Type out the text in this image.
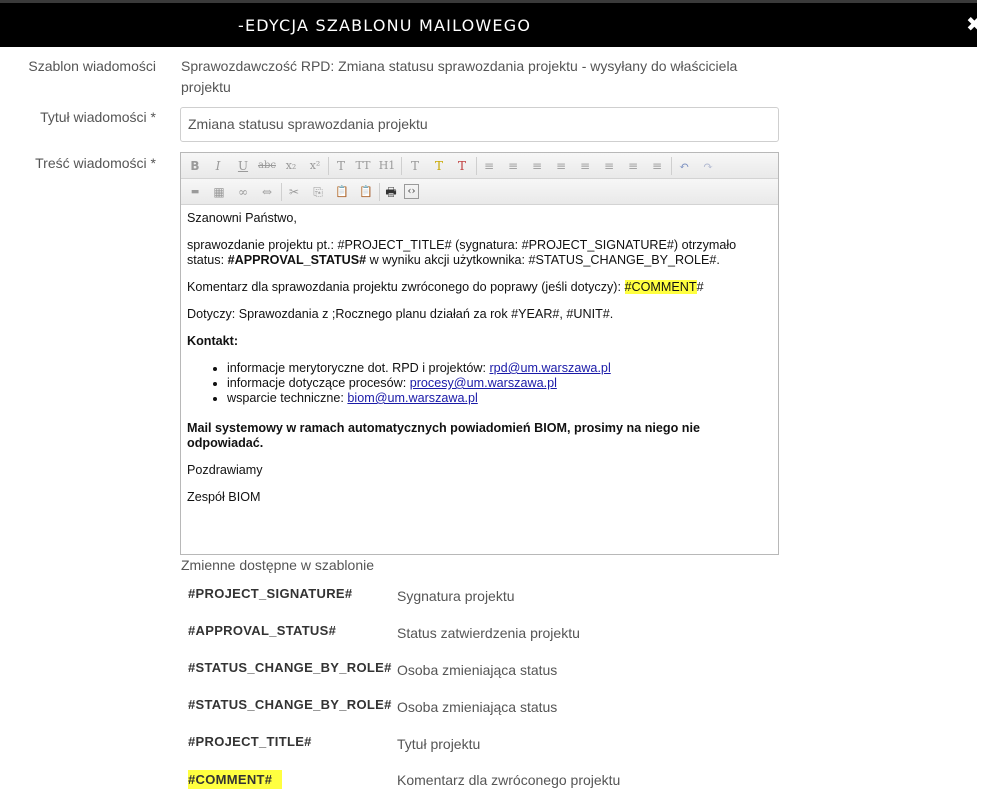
-EDYCJA SZABLONU MAILOWEGO	✖
Szablon wiadomości Sprawozdawczość RPD: Zmiana statusu sprawozdania projektu - wysyłany do właściciela
projektu
Tytuł wiadomości *	Zmiana statusu sprawozdania projektu
Treść wiadomości *	B	I	U abc x₂	x²	T TT H1	T	T	T	≡	≡	≡	≡	≡	≡	≡	≡	↶	↷
▬	▦	∞	⇔	✂	⎘	📋 📋	🖶	‹›

Szanowni Państwo,

sprawozdanie projektu pt.: #PROJECT_TITLE# (sygnatura: #PROJECT_SIGNATURE#) otrzymało status: #APPROVAL_STATUS# w wyniku akcji użytkownika: #STATUS_CHANGE_BY_ROLE#.

Komentarz dla sprawozdania projektu zwróconego do poprawy (jeśli dotyczy): #COMMENT#

Dotyczy: Sprawozdania z ;Rocznego planu działań za rok #YEAR#, #UNIT#.

Kontakt:

• informacje merytoryczne dot. RPD i projektów: rpd@um.warszawa.pl
• informacje dotyczące procesów: procesy@um.warszawa.pl
• wsparcie techniczne: biom@um.warszawa.pl

Mail systemowy w ramach automatycznych powiadomień BIOM, prosimy na niego nie odpowiadać.

Pozdrawiamy

Zespół BIOM

Zmienne dostępne w szablonie
#PROJECT_SIGNATURE#	Sygnatura projektu
#APPROVAL_STATUS#	Status zatwierdzenia projektu
#STATUS_CHANGE_BY_ROLE# Osoba zmieniająca status
#STATUS_CHANGE_BY_ROLE# Osoba zmieniająca status
#PROJECT_TITLE#	Tytuł projektu
#COMMENT#	Komentarz dla zwróconego projektu
